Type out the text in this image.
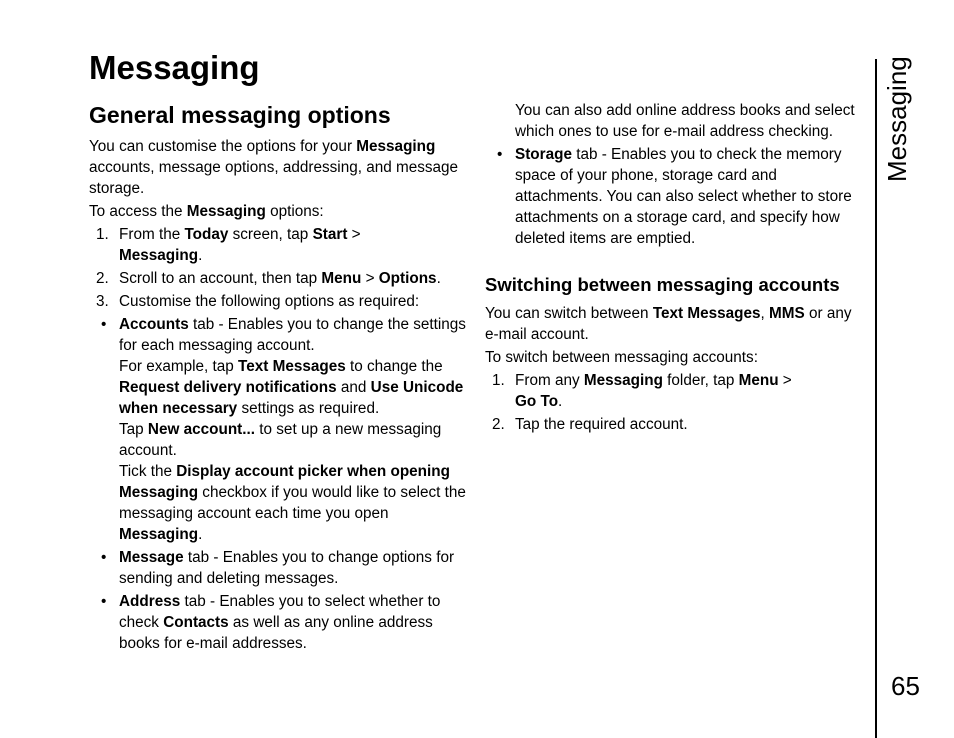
Messaging
General messaging options

You can customise the options for your Messaging accounts, message options, addressing, and message storage.

To access the Messaging options:

1. From the Today screen, tap Start >
Messaging.
2. Scroll to an account, then tap Menu > Options.
3. Customise the following options as required:
• Accounts tab - Enables you to change the settings for each messaging account.
For example, tap Text Messages to change the Request delivery notifications and Use Unicode when necessary settings as required.
Tap New account... to set up a new messaging account.
Tick the Display account picker when opening Messaging checkbox if you would like to select the messaging account each time you open Messaging.
• Message tab - Enables you to change options for sending and deleting messages.
• Address tab - Enables you to select whether to check Contacts as well as any online address books for e-mail addresses.

You can also add online address books and select which ones to use for e-mail address checking.

• Storage tab - Enables you to check the memory space of your phone, storage card and attachments. You can also select whether to store attachments on a storage card, and specify how deleted items are emptied.
Switching between messaging accounts

You can switch between Text Messages, MMS or any e-mail account.

To switch between messaging accounts:

1. From any Messaging folder, tap Menu >
Go To.
2. Tap the required account.
Messaging
65
